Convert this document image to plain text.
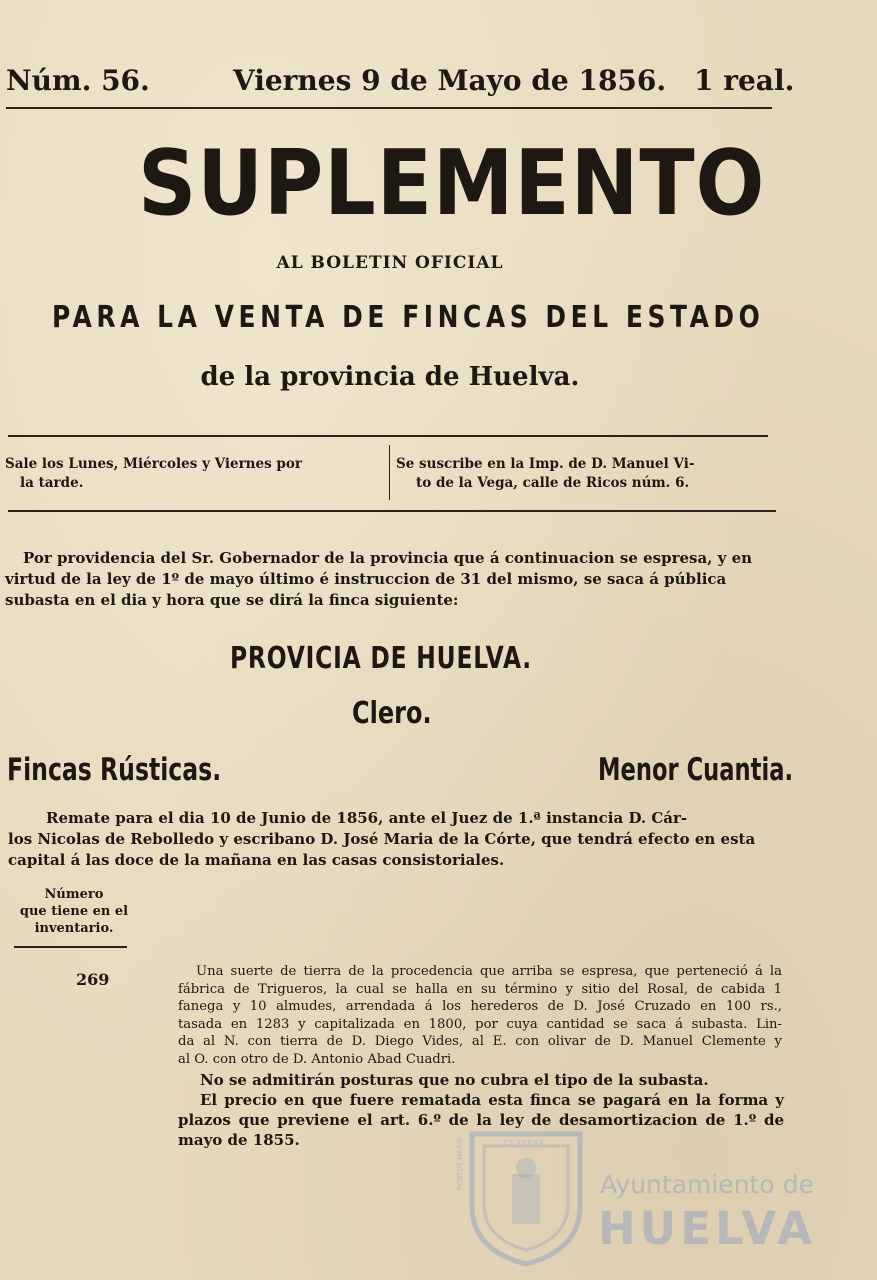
Núm. 56.	Viernes 9 de Mayo de 1856. 1 real.
SUPLEMENTO
AL BOLETIN OFICIAL
PARA LA VENTA DE FINCAS DEL ESTADO
de la provincia de Huelva.
Sale los Lunes, Miércoles y Viernes por
la tarde.
Se suscribe en la Imp. de D. Manuel Vi-
to de la Vega, calle de Ricos núm. 6.
Por providencia del Sr. Gobernador de la provincia que á continuacion se espresa, y en
virtud de la ley de 1º de mayo último é instruccion de 31 del mismo, se saca á pública
subasta en el dia y hora que se dirá la finca siguiente:
PROVICIA DE HUELVA.
Clero.
Fincas Rústicas.	Menor Cuantia.
Remate para el dia 10 de Junio de 1856, ante el Juez de 1.ª instancia D. Cár-
los Nicolas de Rebolledo y escribano D. José Maria de la Córte, que tendrá efecto en esta
capital á las doce de la mañana en las casas consistoriales.
Número
que tiene en el
inventario.
ET TERRA
PORTUS MARIS	Ayuntamiento de
HUELVA
269	Una suerte de tierra de la procedencia que arriba se espresa, que perteneció á la
fábrica de Trigueros, la cual se halla en su término y sitio del Rosal, de cabida 1
fanega y 10 almudes, arrendada á los herederos de D. José Cruzado en 100 rs.,
tasada en 1283 y capitalizada en 1800, por cuya cantidad se saca á subasta. Lin-
da al N. con tierra de D. Diego Vides, al E. con olivar de D. Manuel Clemente y
al O. con otro de D. Antonio Abad Cuadri.
No se admitirán posturas que no cubra el tipo de la subasta.
El precio en que fuere rematada esta finca se pagará en la forma y
plazos que previene el art. 6.º de la ley de desamortizacion de 1.º de
mayo de 1855.
